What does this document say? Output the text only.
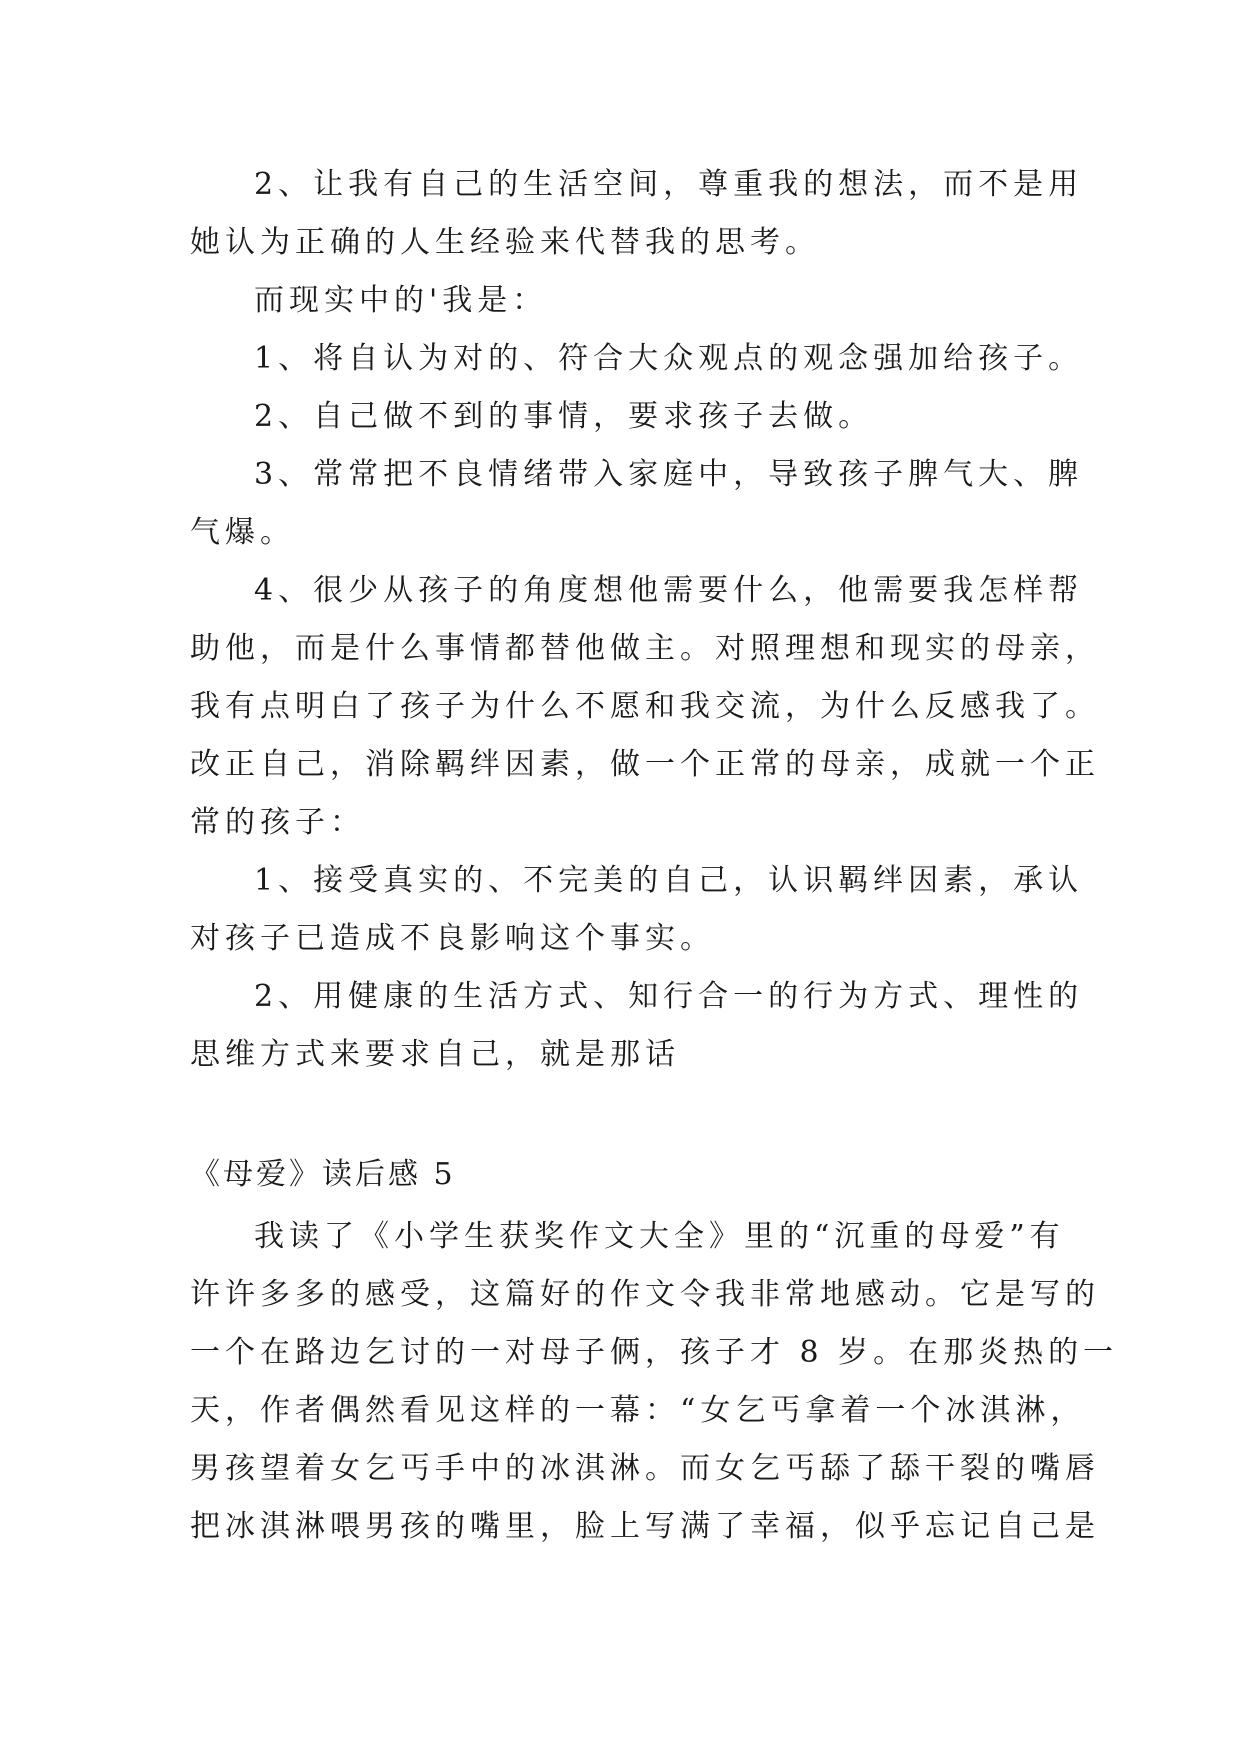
2、让我有自己的生活空间，尊重我的想法，而不是用

她认为正确的人生经验来代替我的思考。

而现实中的'我是：

1、将自认为对的、符合大众观点的观念强加给孩子。

2、自己做不到的事情，要求孩子去做。

3、常常把不良情绪带入家庭中，导致孩子脾气大、脾

气爆。

4、很少从孩子的角度想他需要什么，他需要我怎样帮

助他，而是什么事情都替他做主。对照理想和现实的母亲，

我有点明白了孩子为什么不愿和我交流，为什么反感我了。

改正自己，消除羁绊因素，做一个正常的母亲，成就一个正

常的孩子：

1、接受真实的、不完美的自己，认识羁绊因素，承认

对孩子已造成不良影响这个事实。

2、用健康的生活方式、知行合一的行为方式、理性的

思维方式来要求自己，就是那话

《母爱》读后感 5

我读了《小学生获奖作文大全》里的“沉重的母爱”有

许许多多的感受，这篇好的作文令我非常地感动。它是写的

一个在路边乞讨的一对母子俩，孩子才 8 岁。在那炎热的一

天，作者偶然看见这样的一幕：“女乞丐拿着一个冰淇淋，

男孩望着女乞丐手中的冰淇淋。而女乞丐舔了舔干裂的嘴唇

把冰淇淋喂男孩的嘴里，脸上写满了幸福，似乎忘记自己是
